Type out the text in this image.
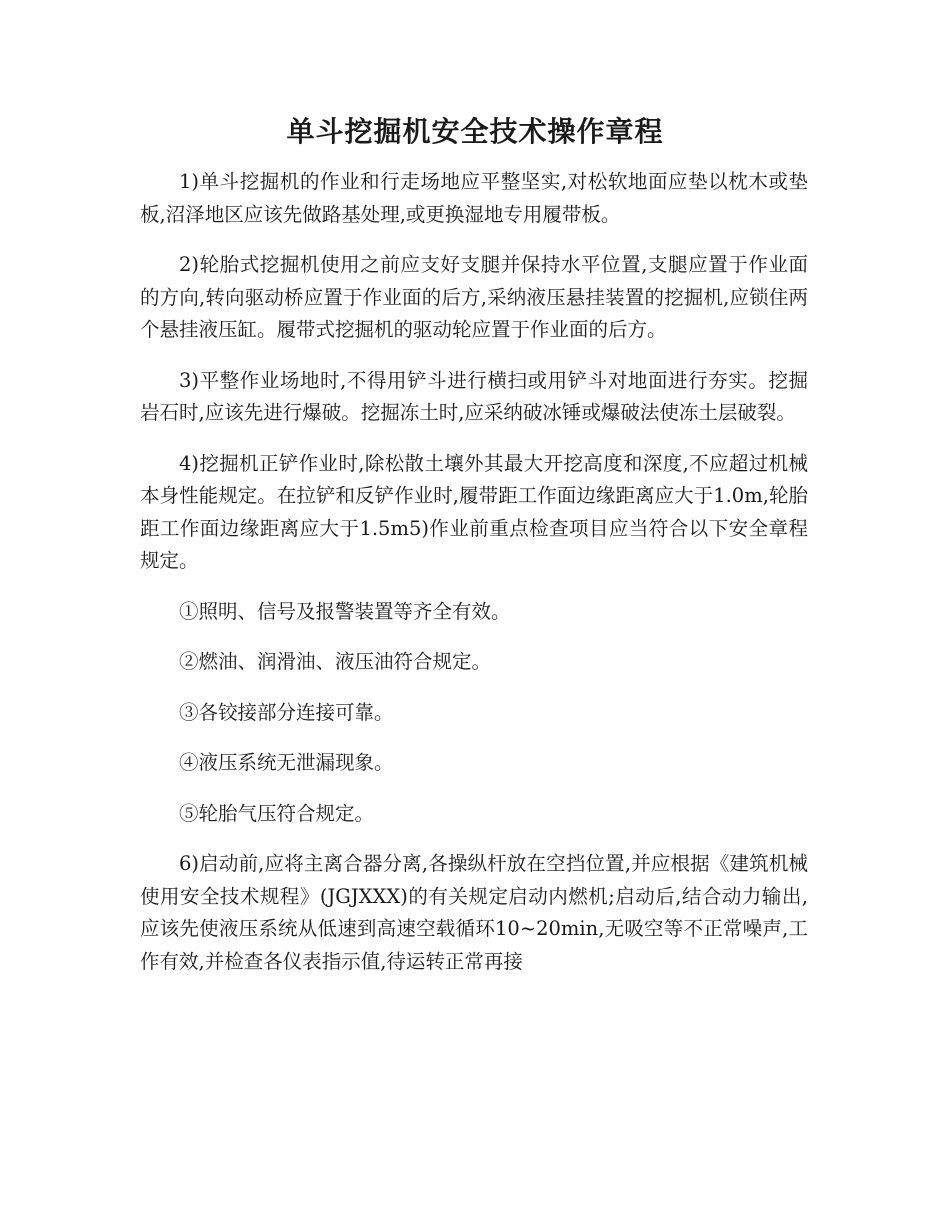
单斗挖掘机安全技术操作章程

1)单斗挖掘机的作业和行走场地应平整坚实,对松软地面应垫以枕木或垫板,沼泽地区应该先做路基处理,或更换湿地专用履带板。

2)轮胎式挖掘机使用之前应支好支腿并保持水平位置,支腿应置于作业面的方向,转向驱动桥应置于作业面的后方,采纳液压悬挂装置的挖掘机,应锁住两个悬挂液压缸。履带式挖掘机的驱动轮应置于作业面的后方。

3)平整作业场地时,不得用铲斗进行横扫或用铲斗对地面进行夯实。挖掘岩石时,应该先进行爆破。挖掘冻土时,应采纳破冰锤或爆破法使冻土层破裂。

4)挖掘机正铲作业时,除松散土壤外其最大开挖高度和深度,不应超过机械本身性能规定。在拉铲和反铲作业时,履带距工作面边缘距离应大于1.0m,轮胎距工作面边缘距离应大于1.5m5)作业前重点检查项目应当符合以下安全章程规定。

①照明、信号及报警装置等齐全有效。

②燃油、润滑油、液压油符合规定。

③各铰接部分连接可靠。

④液压系统无泄漏现象。

⑤轮胎气压符合规定。

6)启动前,应将主离合器分离,各操纵杆放在空挡位置,并应根据《建筑机械使用安全技术规程》(JGJXXX)的有关规定启动内燃机;启动后,结合动力输出,应该先使液压系统从低速到高速空载循环10~20min,无吸空等不正常噪声,工作有效,并检查各仪表指示值,待运转正常再接
